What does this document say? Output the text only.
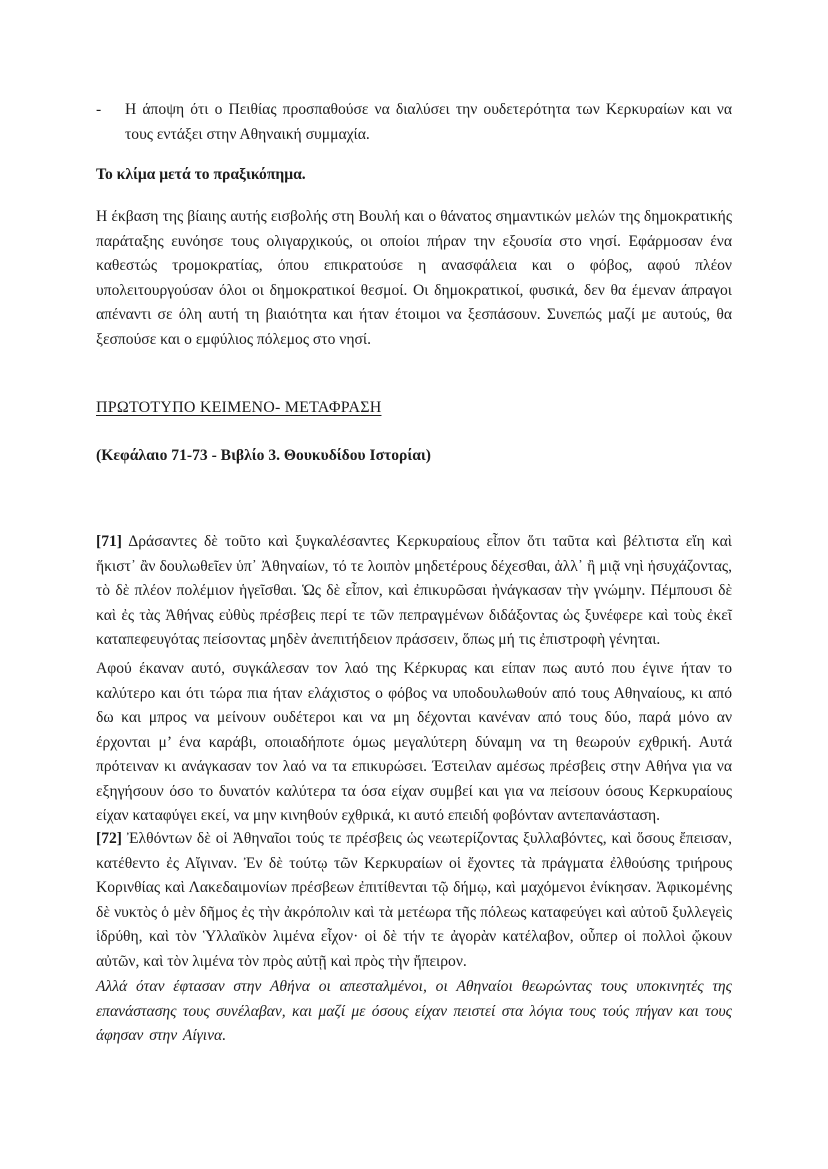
-	Η άποψη ότι ο Πειθίας προσπαθούσε να διαλύσει την ουδετερότητα των Κερκυραίων και να τους εντάξει στην Αθηναική συμμαχία.
Το κλίμα μετά το πραξικόπημα.
Η έκβαση της βίαιης αυτής εισβολής στη Βουλή και ο θάνατος σημαντικών μελών της δημοκρατικής παράταξης ευνόησε τους ολιγαρχικούς, οι οποίοι πήραν την εξουσία στο νησί. Εφάρμοσαν ένα καθεστώς τρομοκρατίας, όπου επικρατούσε η ανασφάλεια και ο φόβος, αφού πλέον υπολειτουργούσαν όλοι οι δημοκρατικοί θεσμοί. Οι δημοκρατικοί, φυσικά, δεν θα έμεναν άπραγοι απέναντι σε όλη αυτή τη βιαιότητα και ήταν έτοιμοι να ξεσπάσουν. Συνεπώς μαζί με αυτούς, θα ξεσπούσε και ο εμφύλιος πόλεμος στο νησί.
ΠΡΩΤΟΤΥΠΟ ΚΕΙΜΕΝΟ- ΜΕΤΑΦΡΑΣΗ
(Κεφάλαιο 71-73 - Βιβλίο 3. Θουκυδίδου Ιστορίαι)
[71] Δράσαντες δὲ τοῦτο καὶ ξυγκαλέσαντες Κερκυραίους εἶπον ὅτι ταῦτα καὶ βέλτιστα εἴη καὶ ἥκιστ᾽ ἂν δουλωθεῖεν ὑπ᾽ Ἀθηναίων, τό τε λοιπὸν μηδετέρους δέχεσθαι, ἀλλ᾽ ἢ μιᾷ νηὶ ἡσυχάζοντας, τὸ δὲ πλέον πολέμιον ἡγεῖσθαι. Ὡς δὲ εἶπον, καὶ ἐπικυρῶσαι ἠνάγκασαν τὴν γνώμην. Πέμπουσι δὲ καὶ ἐς τὰς Ἀθήνας εὐθὺς πρέσβεις περί τε τῶν πεπραγμένων διδάξοντας ὡς ξυνέφερε καὶ τοὺς ἐκεῖ καταπεφευγότας πείσοντας μηδὲν ἀνεπιτήδειον πράσσειν, ὅπως μή τις ἐπιστροφὴ γένηται.
Αφού έκαναν αυτό, συγκάλεσαν τον λαό της Κέρκυρας και είπαν πως αυτό που έγινε ήταν το καλύτερο και ότι τώρα πια ήταν ελάχιστος ο φόβος να υποδουλωθούν από τους Αθηναίους, κι από δω και μπρος να μείνουν ουδέτεροι και να μη δέχονται κανέναν από τους δύο, παρά μόνο αν έρχονται μ’ ένα καράβι, οποιαδήποτε όμως μεγαλύτερη δύναμη να τη θεωρούν εχθρική. Αυτά πρότειναν κι ανάγκασαν τον λαό να τα επικυρώσει. Έστειλαν αμέσως πρέσβεις στην Αθήνα για να εξηγήσουν όσο το δυνατόν καλύτερα τα όσα είχαν συμβεί και για να πείσουν όσους Κερκυραίους είχαν καταφύγει εκεί, να μην κινηθούν εχθρικά, κι αυτό επειδή φοβόνταν αντεπανάσταση.
[72] Ἐλθόντων δὲ οἱ Ἀθηναῖοι τούς τε πρέσβεις ὡς νεωτερίζοντας ξυλλαβόντες, καὶ ὅσους ἔπεισαν, κατέθεντο ἐς Αἴγιναν. Ἐν δὲ τούτῳ τῶν Κερκυραίων οἱ ἔχοντες τὰ πράγματα ἐλθούσης τριήρους Κορινθίας καὶ Λακεδαιμονίων πρέσβεων ἐπιτίθενται τῷ δήμῳ, καὶ μαχόμενοι ἐνίκησαν. Ἀφικομένης δὲ νυκτὸς ὁ μὲν δῆμος ἐς τὴν ἀκρόπολιν καὶ τὰ μετέωρα τῆς πόλεως καταφεύγει καὶ αὐτοῦ ξυλλεγεὶς ἱδρύθη, καὶ τὸν Ὑλλαϊκὸν λιμένα εἶχον· οἱ δὲ τήν τε ἀγορὰν κατέλαβον, οὗπερ οἱ πολλοὶ ᾤκουν αὐτῶν, καὶ τὸν λιμένα τὸν πρὸς αὐτῇ καὶ πρὸς τὴν ἤπειρον.
Αλλά όταν έφτασαν στην Αθήνα οι απεσταλμένοι, οι Αθηναίοι θεωρώντας τους υποκινητές της επανάστασης τους συνέλαβαν, και μαζί με όσους είχαν πειστεί στα λόγια τους τούς πήγαν και τους άφησαν στην Αίγινα.
